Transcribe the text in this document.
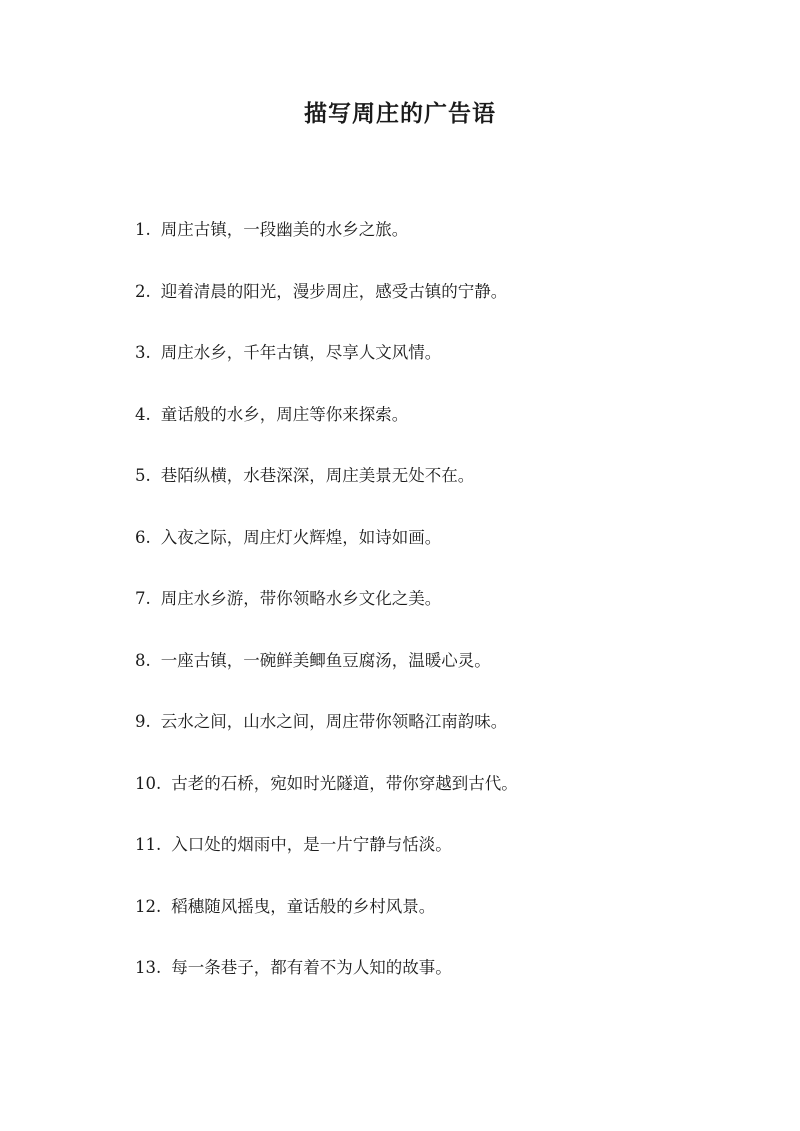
描写周庄的广告语
1. 周庄古镇，一段幽美的水乡之旅。
2. 迎着清晨的阳光，漫步周庄，感受古镇的宁静。
3. 周庄水乡，千年古镇，尽享人文风情。
4. 童话般的水乡，周庄等你来探索。
5. 巷陌纵横，水巷深深，周庄美景无处不在。
6. 入夜之际，周庄灯火辉煌，如诗如画。
7. 周庄水乡游，带你领略水乡文化之美。
8. 一座古镇，一碗鲜美鲫鱼豆腐汤，温暖心灵。
9. 云水之间，山水之间，周庄带你领略江南韵味。
10. 古老的石桥，宛如时光隧道，带你穿越到古代。
11. 入口处的烟雨中，是一片宁静与恬淡。
12. 稻穗随风摇曳，童话般的乡村风景。
13. 每一条巷子，都有着不为人知的故事。
